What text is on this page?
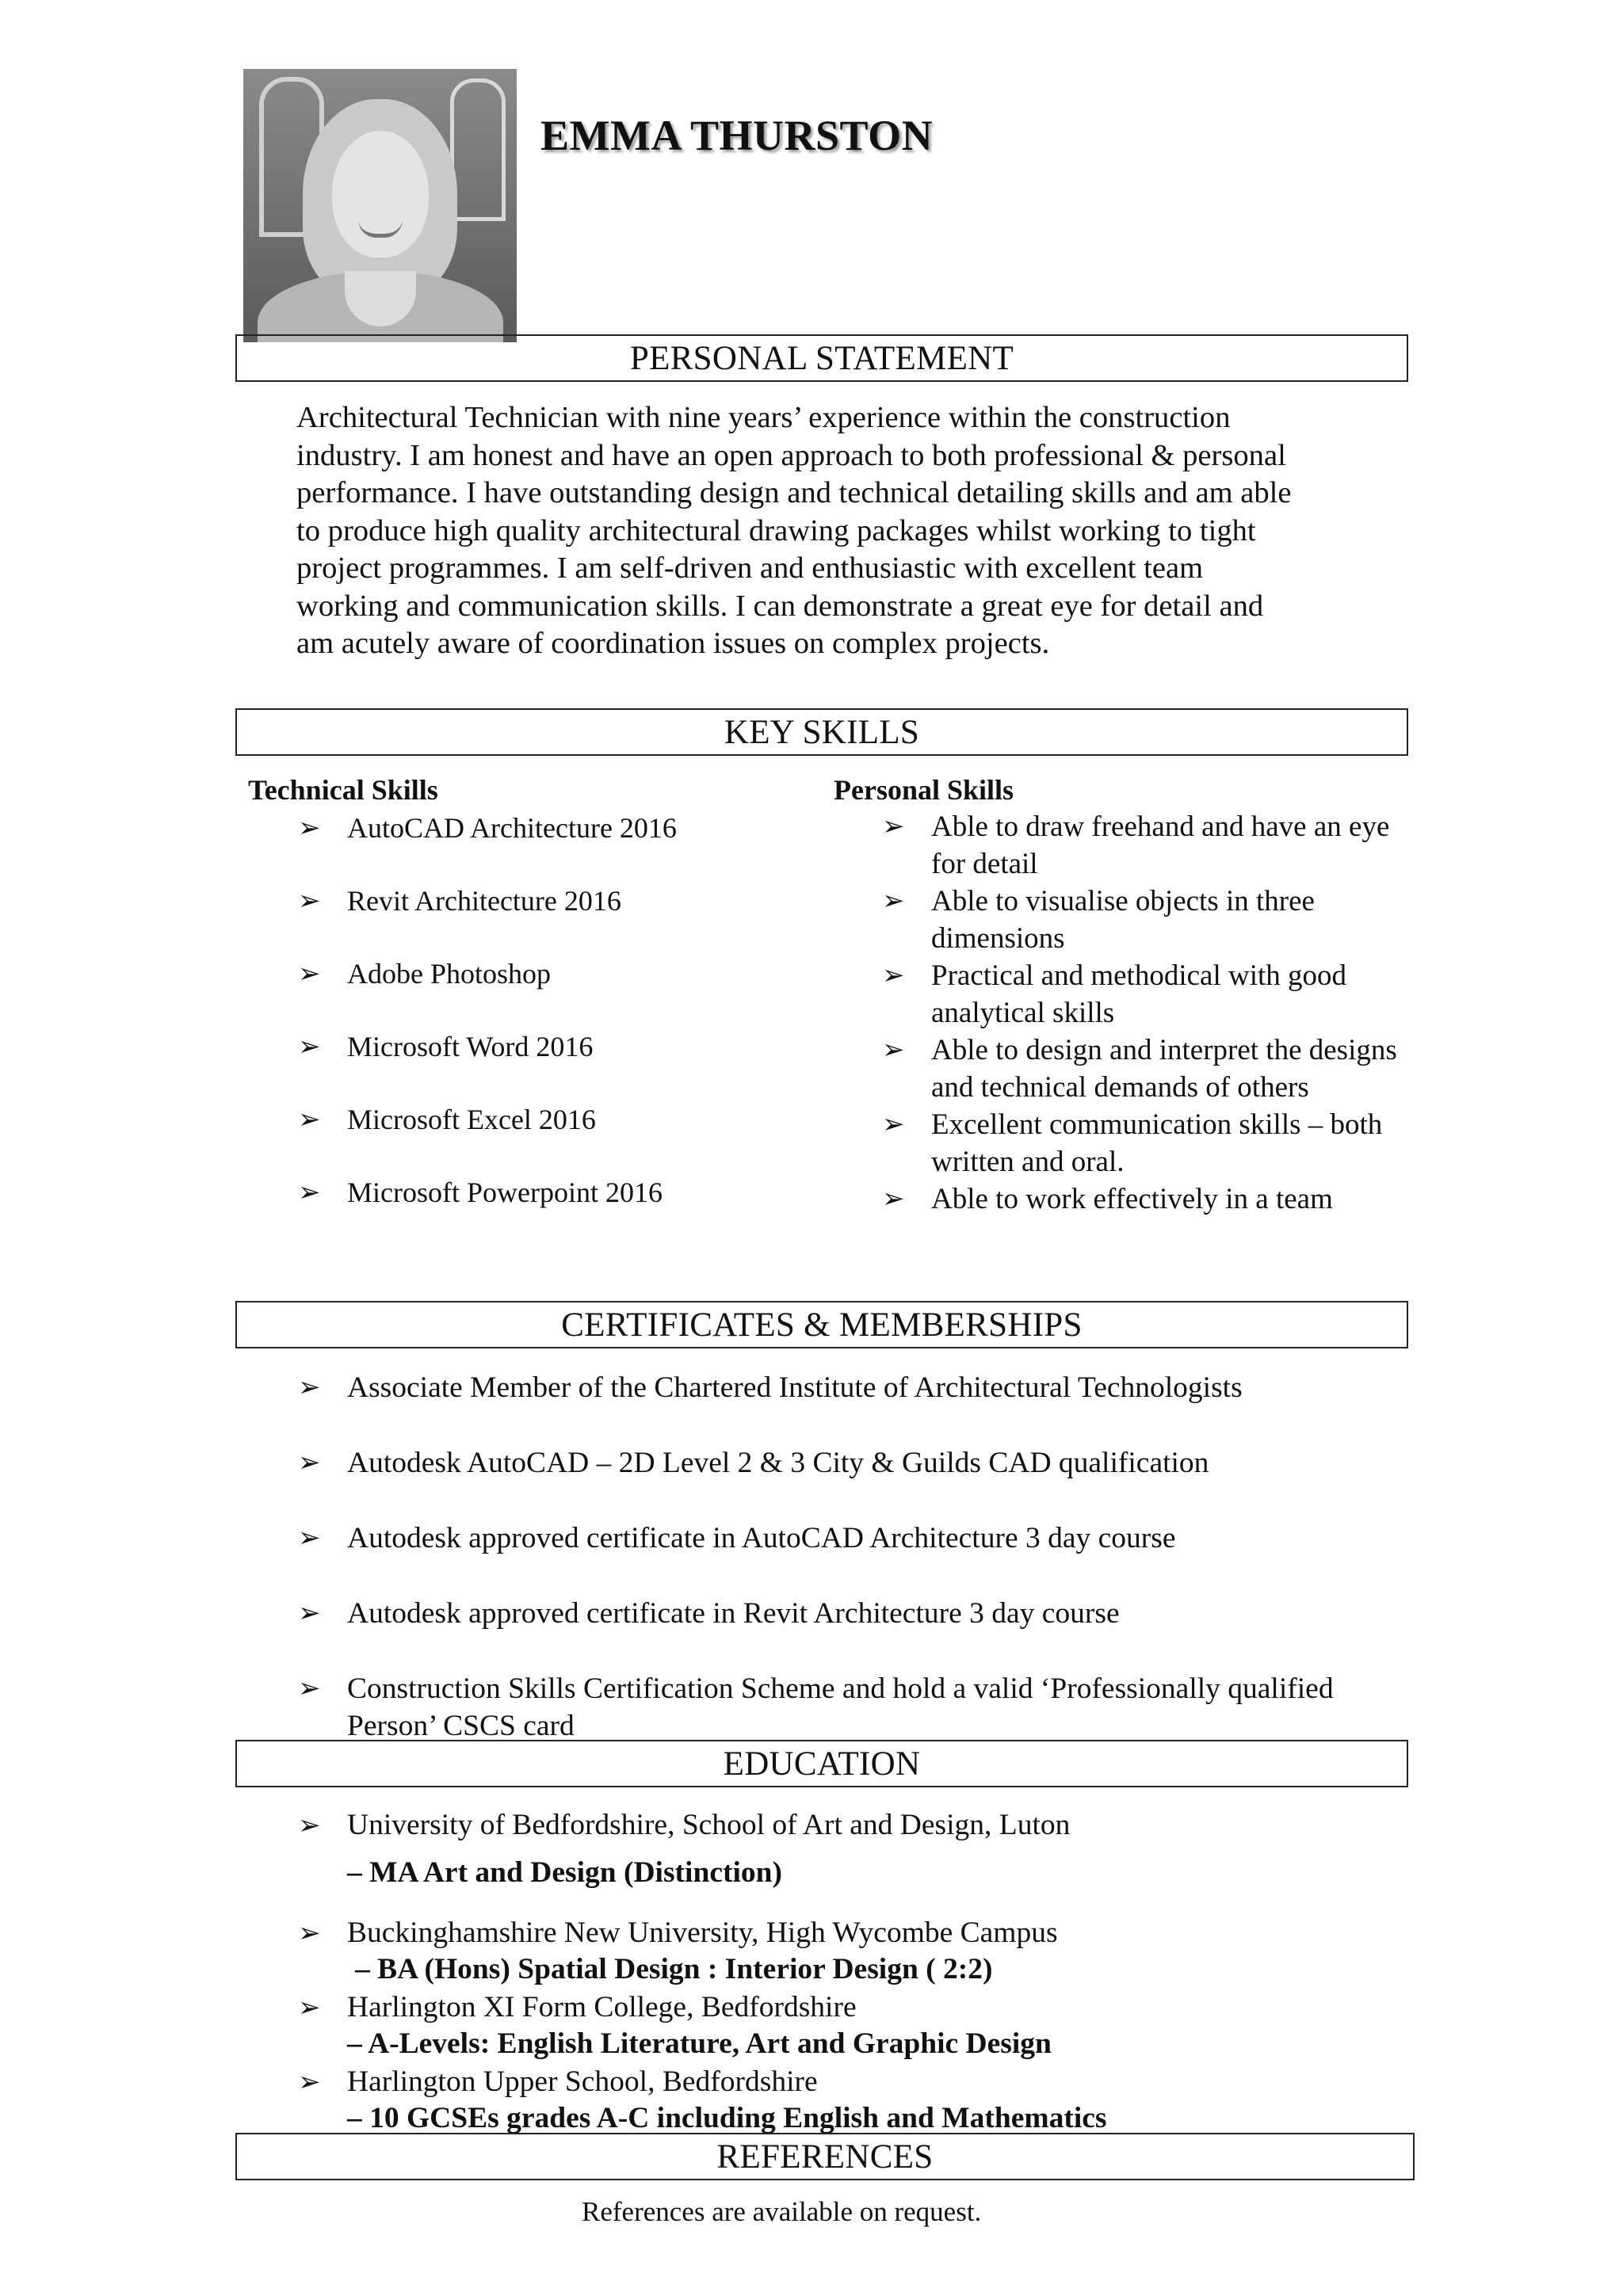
EMMA THURSTON
PERSONAL STATEMENT
Architectural Technician with nine years’ experience within the construction
industry. I am honest and have an open approach to both professional & personal
performance. I have outstanding design and technical detailing skills and am able
to produce high quality architectural drawing packages whilst working to tight
project programmes. I am self-driven and enthusiastic with excellent team
working and communication skills. I can demonstrate a great eye for detail and
am acutely aware of coordination issues on complex projects.
KEY SKILLS
Technical Skills
➢ AutoCAD Architecture 2016
➢ Revit Architecture 2016
➢ Adobe Photoshop
➢ Microsoft Word 2016
➢ Microsoft Excel 2016
➢ Microsoft Powerpoint 2016
Personal Skills
➢ Able to draw freehand and have an eye for detail
➢ Able to visualise objects in three dimensions
➢ Practical and methodical with good analytical skills
➢ Able to design and interpret the designs and technical demands of others
➢ Excellent communication skills – both written and oral.
➢ Able to work effectively in a team
CERTIFICATES & MEMBERSHIPS
➢ Associate Member of the Chartered Institute of Architectural Technologists
➢ Autodesk AutoCAD – 2D Level 2 & 3 City & Guilds CAD qualification
➢ Autodesk approved certificate in AutoCAD Architecture 3 day course
➢ Autodesk approved certificate in Revit Architecture 3 day course
➢ Construction Skills Certification Scheme and hold a valid ‘Professionally qualified Person’ CSCS card
EDUCATION
➢ University of Bedfordshire, School of Art and Design, Luton
– MA Art and Design (Distinction)
➢ Buckinghamshire New University, High Wycombe Campus
– BA (Hons) Spatial Design : Interior Design ( 2:2)
➢ Harlington XI Form College, Bedfordshire
– A-Levels: English Literature, Art and Graphic Design
➢ Harlington Upper School, Bedfordshire
– 10 GCSEs grades A-C including English and Mathematics
REFERENCES
References are available on request.
